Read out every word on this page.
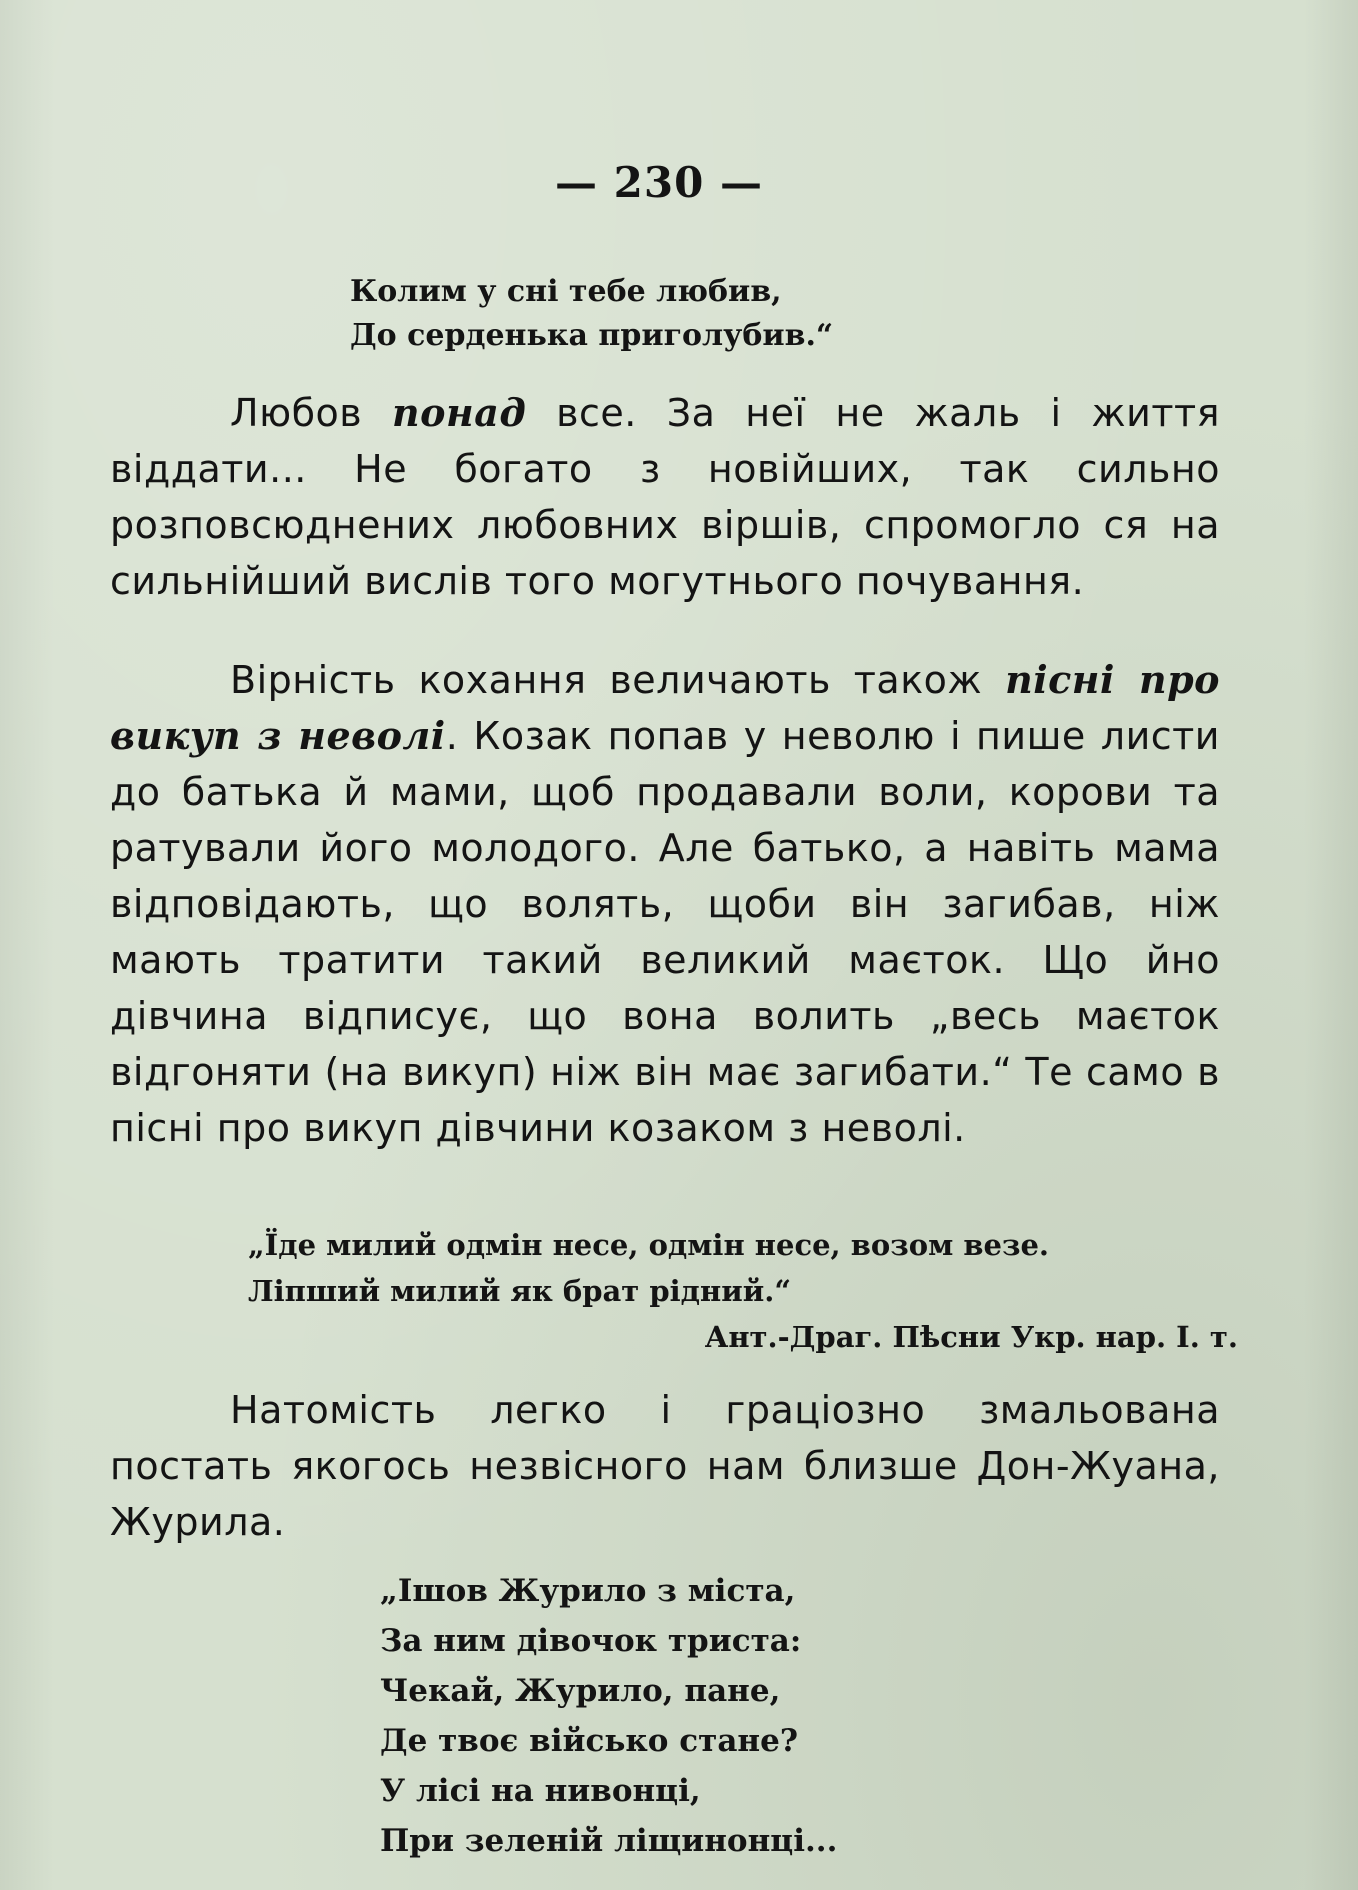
— 230 —
Колим у сні тебе любив,
До серденька приголубив.“

Любов понад все. За неї не жаль і життя віддати... Не богато з новійших, так сильно розповсюднених любовних віршів, спромогло ся на сильнійший вислів того могутнього почування.

Вірність кохання величають також пісні про викуп з неволі. Козак попав у неволю і пише листи до батька й мами, щоб продавали воли, корови та ратували його молодого. Але батько, а навіть мама відповідають, що волять, щоби він загибав, ніж мають тратити такий великий маєток. Що йно дівчина відписує, що вона волить „весь маєток відгоняти (на викуп) ніж він має загибати.“ Те само в пісні про викуп дівчини козаком з неволі.

„Їде милий одмін несе, одмін несе, возом везе.
Ліпший милий як брат рідний.“
Ант.-Драг. Пѣсни Укр. нар. І. т.

Натомість легко і граціозно змальована постать якогось незвісного нам близше Дон-Жуана, Журила.

„Ішов Журило з міста,
За ним дівочок триста:
Чекай, Журило, пане,
Де твоє військо стане?
У лісі на нивонці,
При зеленій ліщинонці...
